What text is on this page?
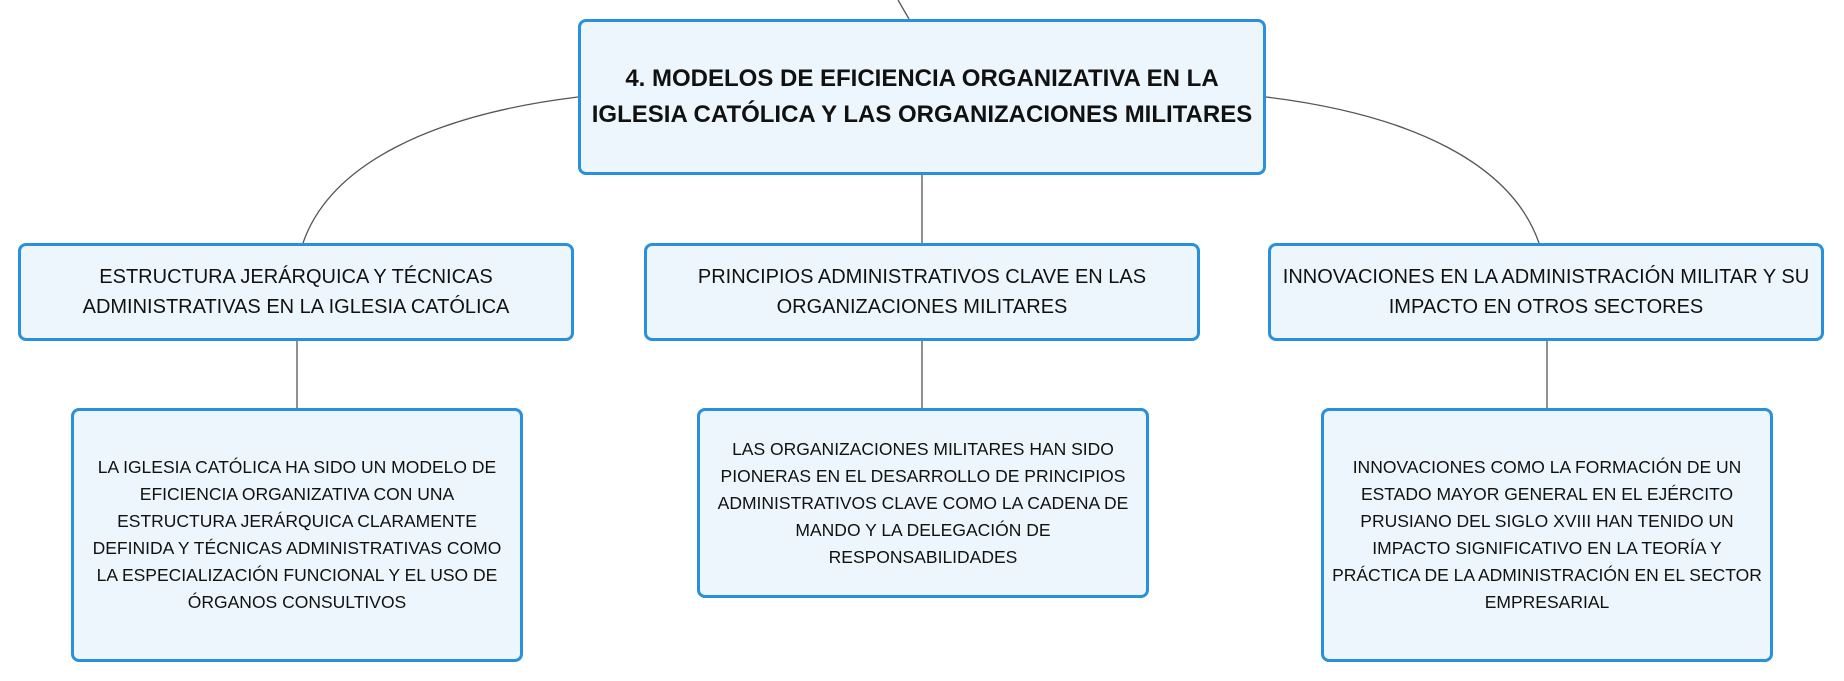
4. MODELOS DE EFICIENCIA ORGANIZATIVA EN LA IGLESIA CATÓLICA Y LAS ORGANIZACIONES MILITARES
ESTRUCTURA JERÁRQUICA Y TÉCNICAS ADMINISTRATIVAS EN LA IGLESIA CATÓLICA
PRINCIPIOS ADMINISTRATIVOS CLAVE EN LAS ORGANIZACIONES MILITARES
INNOVACIONES EN LA ADMINISTRACIÓN MILITAR Y SU IMPACTO EN OTROS SECTORES
LA IGLESIA CATÓLICA HA SIDO UN MODELO DE EFICIENCIA ORGANIZATIVA CON UNA ESTRUCTURA JERÁRQUICA CLARAMENTE DEFINIDA Y TÉCNICAS ADMINISTRATIVAS COMO LA ESPECIALIZACIÓN FUNCIONAL Y EL USO DE ÓRGANOS CONSULTIVOS
LAS ORGANIZACIONES MILITARES HAN SIDO PIONERAS EN EL DESARROLLO DE PRINCIPIOS ADMINISTRATIVOS CLAVE COMO LA CADENA DE MANDO Y LA DELEGACIÓN DE RESPONSABILIDADES
INNOVACIONES COMO LA FORMACIÓN DE UN ESTADO MAYOR GENERAL EN EL EJÉRCITO PRUSIANO DEL SIGLO XVIII HAN TENIDO UN IMPACTO SIGNIFICATIVO EN LA TEORÍA Y PRÁCTICA DE LA ADMINISTRACIÓN EN EL SECTOR EMPRESARIAL
